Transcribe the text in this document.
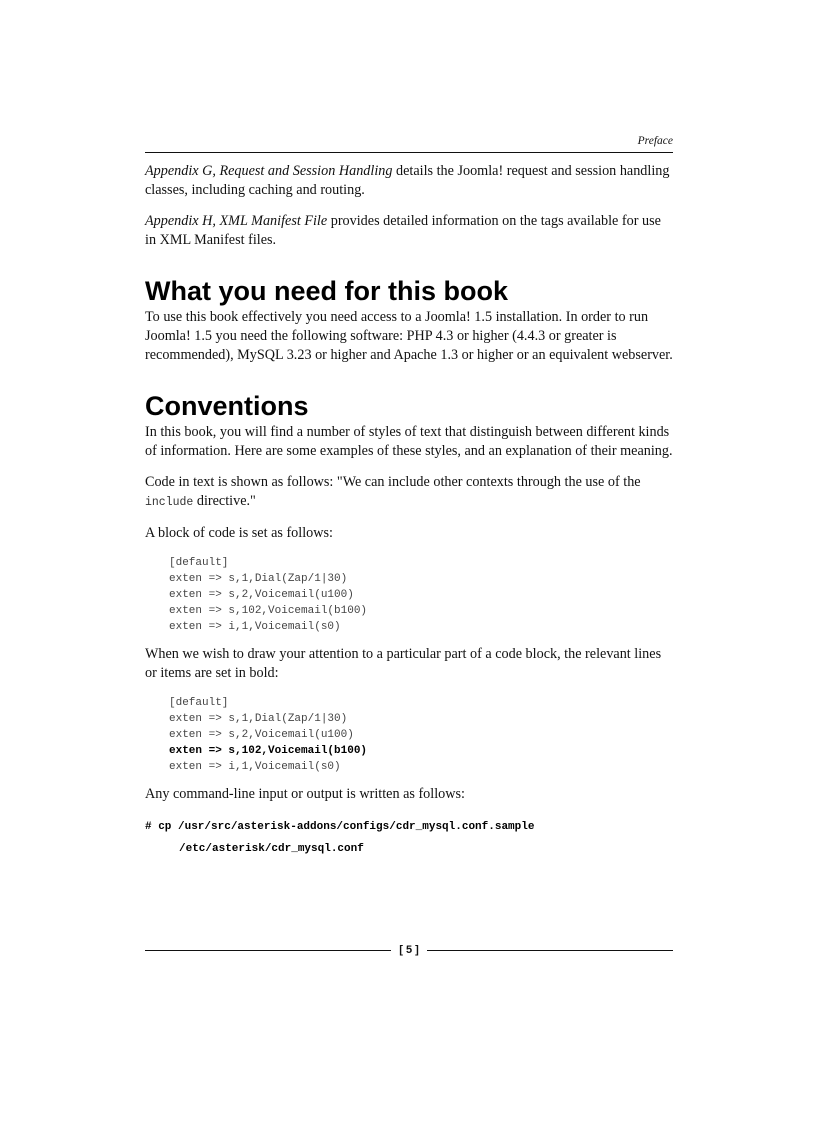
Preface

Appendix G, Request and Session Handling details the Joomla! request and session handling classes, including caching and routing.

Appendix H, XML Manifest File provides detailed information on the tags available for use in XML Manifest files.

What you need for this book

To use this book effectively you need access to a Joomla! 1.5 installation. In order to run Joomla! 1.5 you need the following software: PHP 4.3 or higher (4.4.3 or greater is recommended), MySQL 3.23 or higher and Apache 1.3 or higher or an equivalent webserver.

Conventions

In this book, you will find a number of styles of text that distinguish between different kinds of information. Here are some examples of these styles, and an explanation of their meaning.

Code in text is shown as follows: "We can include other contexts through the use of the include directive."

A block of code is set as follows:

[default]
exten => s,1,Dial(Zap/1|30)
exten => s,2,Voicemail(u100)
exten => s,102,Voicemail(b100)
exten => i,1,Voicemail(s0)

When we wish to draw your attention to a particular part of a code block, the relevant lines or items are set in bold:

[default]
exten => s,1,Dial(Zap/1|30)
exten => s,2,Voicemail(u100)
exten => s,102,Voicemail(b100)
exten => i,1,Voicemail(s0)

Any command-line input or output is written as follows:

# cp /usr/src/asterisk-addons/configs/cdr_mysql.conf.sample
/etc/asterisk/cdr_mysql.conf
[ 5 ]
